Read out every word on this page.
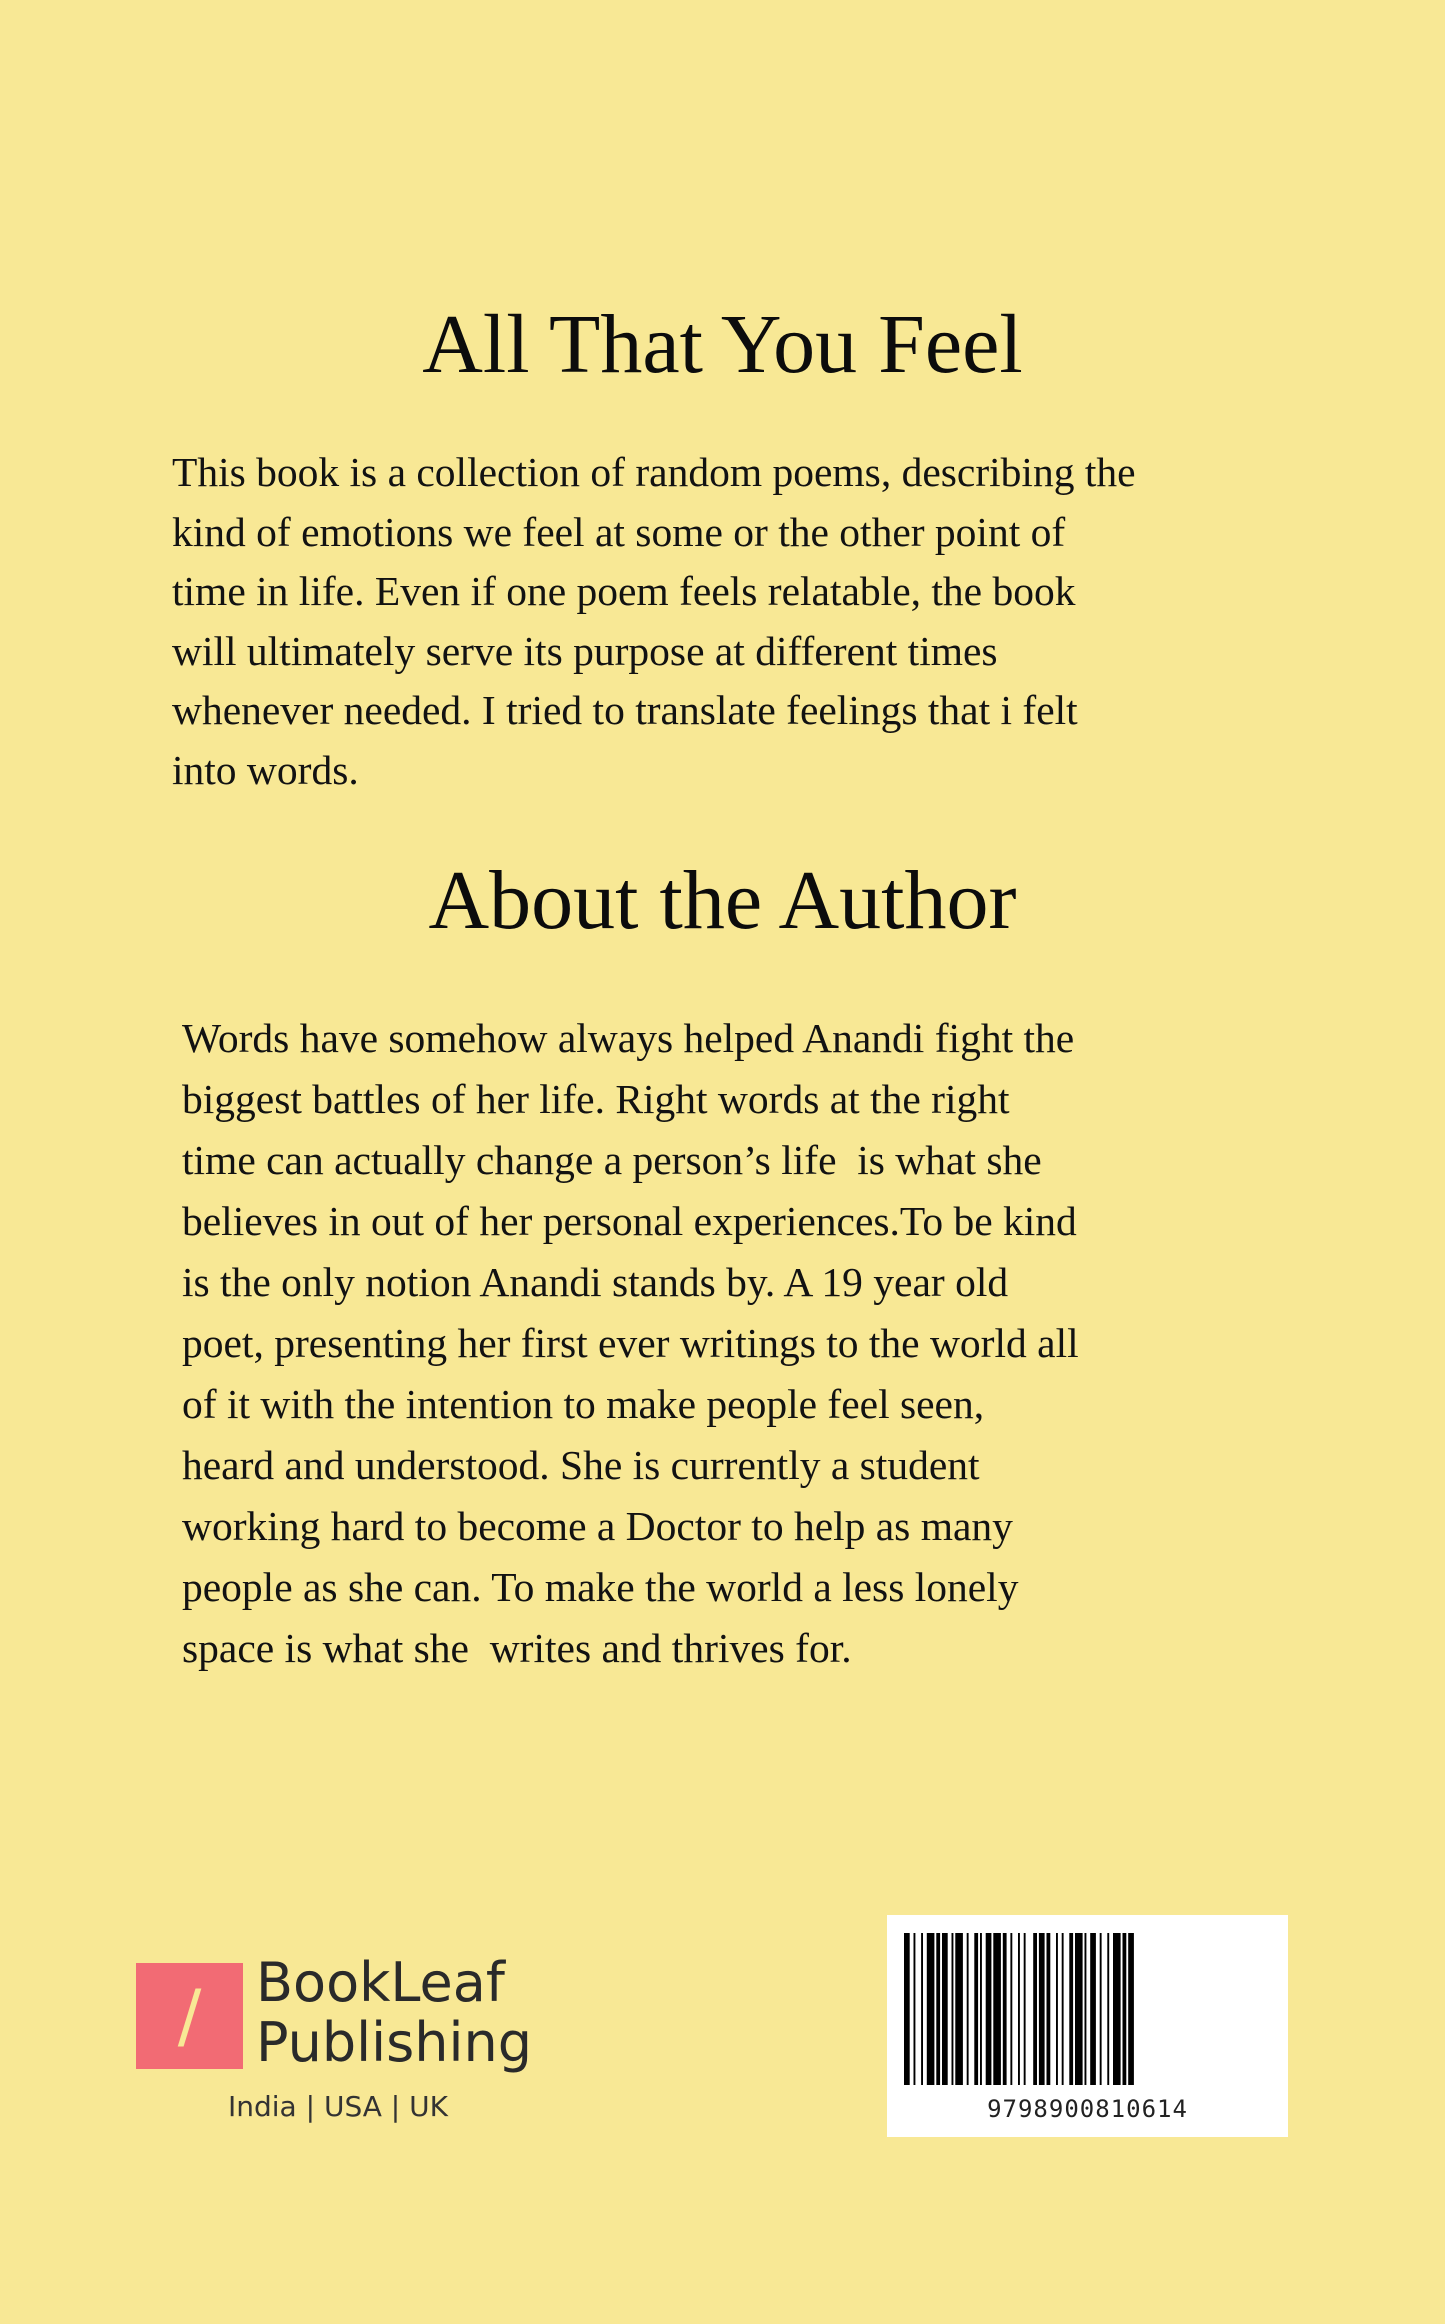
All That You Feel
This book is a collection of random poems, describing the
kind of emotions we feel at some or the other point of
time in life. Even if one poem feels relatable, the book
will ultimately serve its purpose at different times
whenever needed. I tried to translate feelings that i felt
into words.
About the Author
Words have somehow always helped Anandi fight the
biggest battles of her life. Right words at the right
time can actually change a person’s life  is what she
believes in out of her personal experiences.To be kind
is the only notion Anandi stands by. A 19 year old
poet, presenting her first ever writings to the world all
of it with the intention to make people feel seen,
heard and understood. She is currently a student
working hard to become a Doctor to help as many
people as she can. To make the world a less lonely
space is what she  writes and thrives for.
/	BookLeaf
Publishing
India | USA | UK	9798900810614
